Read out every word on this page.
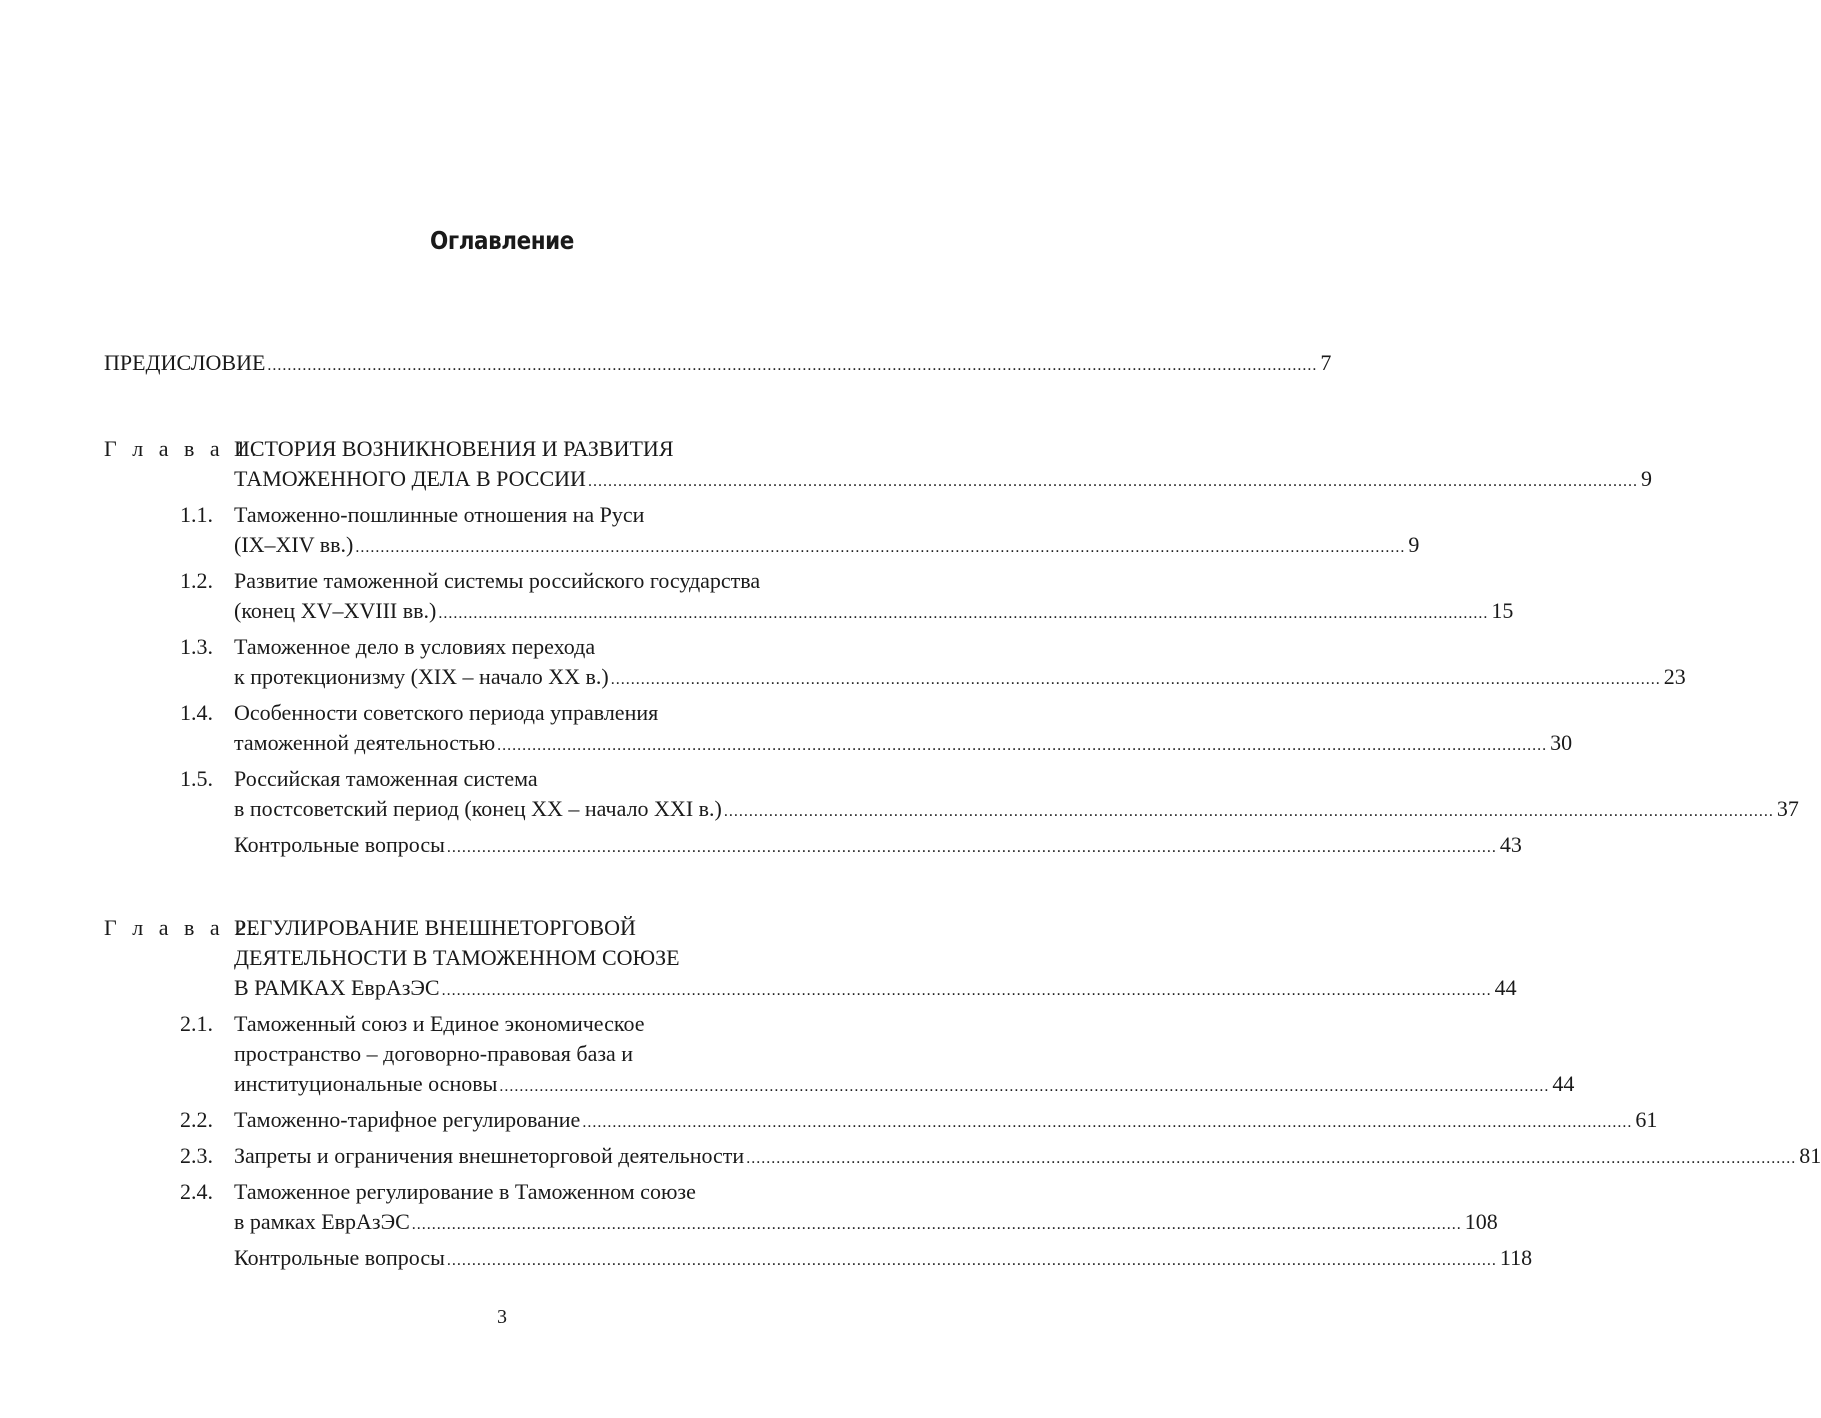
Оглавление
ПРЕДИСЛОВИЕ .................................................................................................................................................................................................................. 7
Г л а в а 1.
ИСТОРИЯ ВОЗНИКНОВЕНИЯ И РАЗВИТИЯ
ТАМОЖЕННОГО ДЕЛА В РОССИИ .................................................................................................................................................................................................................. 9
1.1. Таможенно-пошлинные отношения на Руси
(IX–XIV вв.) .................................................................................................................................................................................................................. 9
1.2. Развитие таможенной системы российского государства
(конец XV–XVIII вв.) .................................................................................................................................................................................................................. 15
1.3. Таможенное дело в условиях перехода
к протекционизму (XIX – начало XX в.) .................................................................................................................................................................................................................. 23
1.4. Особенности советского периода управления
таможенной деятельностью .................................................................................................................................................................................................................. 30
1.5. Российская таможенная система
в постсоветский период (конец XX – начало XXI в.) .................................................................................................................................................................................................................. 37
Контрольные вопросы .................................................................................................................................................................................................................. 43
Г л а в а 2.
РЕГУЛИРОВАНИЕ ВНЕШНЕТОРГОВОЙ
ДЕЯТЕЛЬНОСТИ В ТАМОЖЕННОМ СОЮЗЕ
В РАМКАХ ЕврАзЭС .................................................................................................................................................................................................................. 44
2.1. Таможенный союз и Единое экономическое
пространство – договорно-правовая база и
институциональные основы .................................................................................................................................................................................................................. 44
2.2. Таможенно-тарифное регулирование .................................................................................................................................................................................................................. 61
2.3. Запреты и ограничения внешнеторговой деятельности .................................................................................................................................................................................................................. 81
2.4. Таможенное регулирование в Таможенном союзе
в рамках ЕврАзЭС .................................................................................................................................................................................................................. 108
Контрольные вопросы .................................................................................................................................................................................................................. 118
3
